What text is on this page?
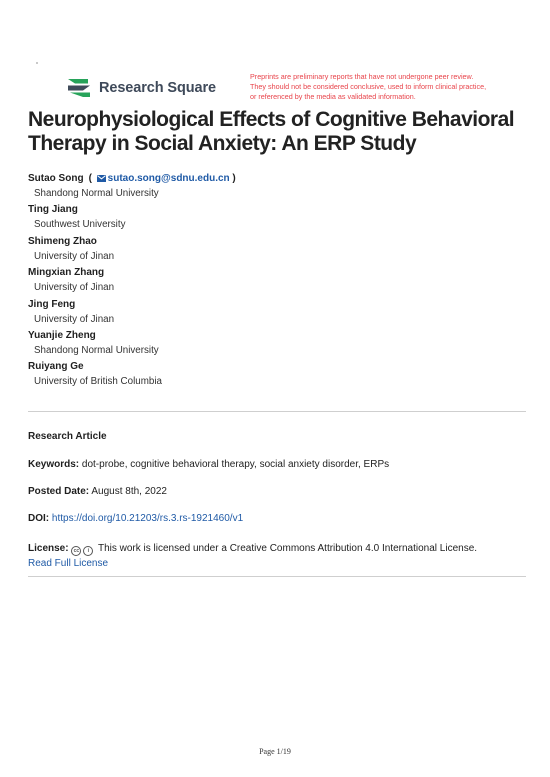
Research Square
Preprints are preliminary reports that have not undergone peer review.
They should not be considered conclusive, used to inform clinical practice,
or referenced by the media as validated information.
Neurophysiological Effects of Cognitive Behavioral Therapy in Social Anxiety: An ERP Study
Sutao Song ( sutao.song@sdnu.edu.cn )
Shandong Normal University
Ting Jiang
Southwest University
Shimeng Zhao
University of Jinan
Mingxian Zhang
University of Jinan
Jing Feng
University of Jinan
Yuanjie Zheng
Shandong Normal University
Ruiyang Ge
University of British Columbia
Research Article
Keywords: dot-probe, cognitive behavioral therapy, social anxiety disorder, ERPs
Posted Date: August 8th, 2022
DOI: https://doi.org/10.21203/rs.3.rs-1921460/v1
License:	cc	i This work is licensed under a Creative Commons Attribution 4.0 International License.
Read Full License
Page 1/19
